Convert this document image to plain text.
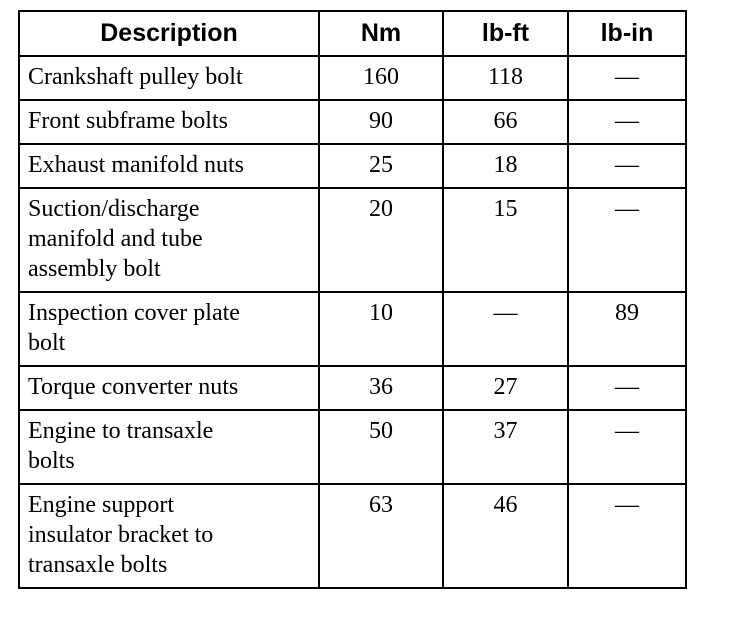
Description	Nm	lb-ft	lb-in
Crankshaft pulley bolt	160	118	—
Front subframe bolts	90	66	—
Exhaust manifold nuts	25	18	—
Suction/discharge
manifold and tube
assembly bolt	20	15	—
Inspection cover plate
bolt	10	—	89
Torque converter nuts	36	27	—
Engine to transaxle
bolts	50	37	—
Engine support
insulator bracket to
transaxle bolts	63	46	—
